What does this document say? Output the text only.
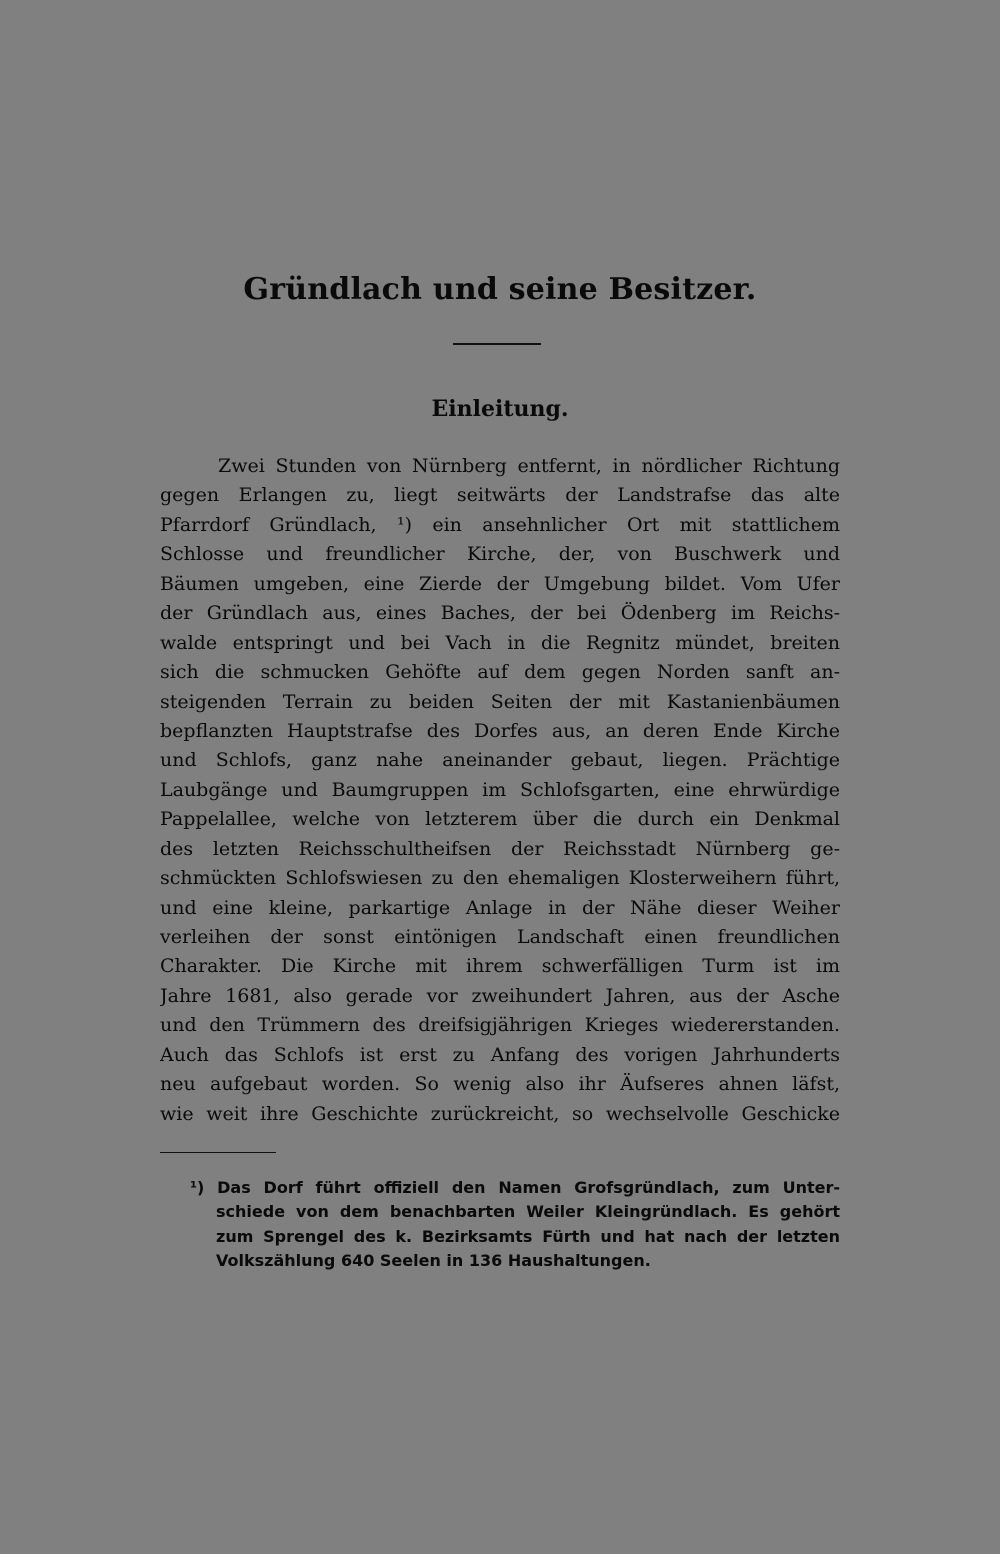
Gründlach und seine Besitzer.
Einleitung.
Zwei Stunden von Nürnberg entfernt, in nördlicher Richtung
gegen Erlangen zu, liegt seitwärts der Landstrafse das alte
Pfarrdorf Gründlach, ¹) ein ansehnlicher Ort mit stattlichem
Schlosse und freundlicher Kirche, der, von Buschwerk und
Bäumen umgeben, eine Zierde der Umgebung bildet. Vom Ufer
der Gründlach aus, eines Baches, der bei Ödenberg im Reichs-
walde entspringt und bei Vach in die Regnitz mündet, breiten
sich die schmucken Gehöfte auf dem gegen Norden sanft an-
steigenden Terrain zu beiden Seiten der mit Kastanienbäumen
bepflanzten Hauptstrafse des Dorfes aus, an deren Ende Kirche
und Schlofs, ganz nahe aneinander gebaut, liegen. Prächtige
Laubgänge und Baumgruppen im Schlofsgarten, eine ehrwürdige
Pappelallee, welche von letzterem über die durch ein Denkmal
des letzten Reichsschultheifsen der Reichsstadt Nürnberg ge-
schmückten Schlofswiesen zu den ehemaligen Klosterweihern führt,
und eine kleine, parkartige Anlage in der Nähe dieser Weiher
verleihen der sonst eintönigen Landschaft einen freundlichen
Charakter. Die Kirche mit ihrem schwerfälligen Turm ist im
Jahre 1681, also gerade vor zweihundert Jahren, aus der Asche
und den Trümmern des dreifsigjährigen Krieges wiedererstanden.
Auch das Schlofs ist erst zu Anfang des vorigen Jahrhunderts
neu aufgebaut worden. So wenig also ihr Äufseres ahnen läfst,
wie weit ihre Geschichte zurückreicht, so wechselvolle Geschicke
¹) Das Dorf führt offiziell den Namen Grofsgründlach, zum Unter-
schiede von dem benachbarten Weiler Kleingründlach. Es gehört
zum Sprengel des k. Bezirksamts Fürth und hat nach der letzten
Volkszählung 640 Seelen in 136 Haushaltungen.
